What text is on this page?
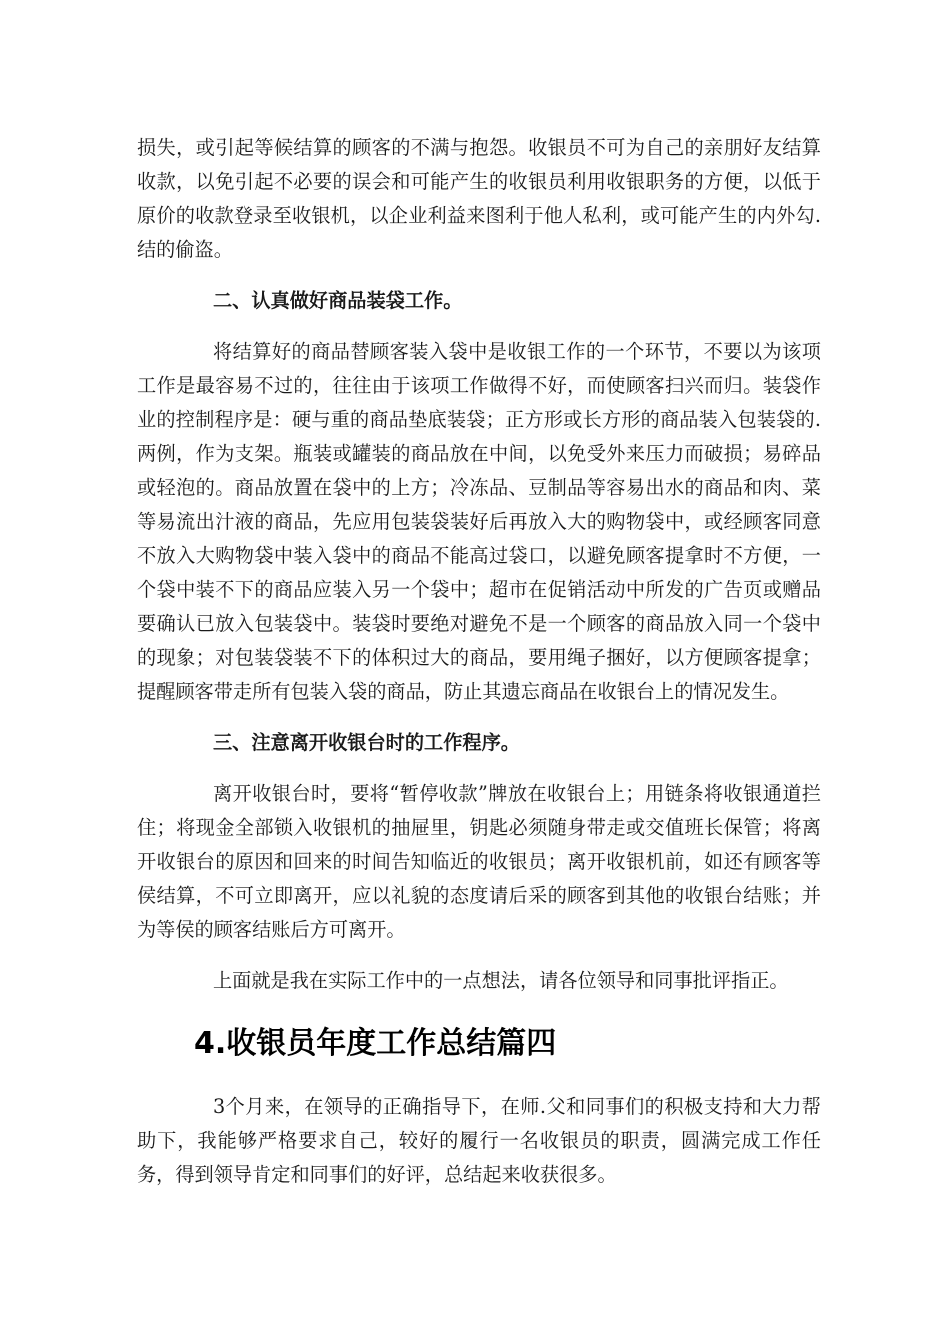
损失，或引起等候结算的顾客的不满与抱怨。收银员不可为自己的亲朋好友结算收款，以免引起不必要的误会和可能产生的收银员利用收银职务的方便，以低于原价的收款登录至收银机，以企业利益来图利于他人私利，或可能产生的内外勾.结的偷盗。

二、认真做好商品装袋工作。

将结算好的商品替顾客装入袋中是收银工作的一个环节，不要以为该项工作是最容易不过的，往往由于该项工作做得不好，而使顾客扫兴而归。装袋作业的控制程序是：硬与重的商品垫底装袋；正方形或长方形的商品装入包装袋的.两例，作为支架。瓶装或罐装的商品放在中间，以免受外来压力而破损；易碎品或轻泡的。商品放置在袋中的上方；冷冻品、豆制品等容易出水的商品和肉、菜等易流出汁液的商品，先应用包装袋装好后再放入大的购物袋中，或经顾客同意不放入大购物袋中装入袋中的商品不能高过袋口，以避免顾客提拿时不方便，一个袋中装不下的商品应装入另一个袋中；超市在促销活动中所发的广告页或赠品要确认已放入包装袋中。装袋时要绝对避免不是一个顾客的商品放入同一个袋中的现象；对包装袋装不下的体积过大的商品，要用绳子捆好，以方便顾客提拿；提醒顾客带走所有包装入袋的商品，防止其遗忘商品在收银台上的情况发生。

三、注意离开收银台时的工作程序。

离开收银台时，要将“暂停收款”牌放在收银台上；用链条将收银通道拦住；将现金全部锁入收银机的抽屉里，钥匙必须随身带走或交值班长保管；将离开收银台的原因和回来的时间告知临近的收银员；离开收银机前，如还有顾客等侯结算，不可立即离开，应以礼貌的态度请后采的顾客到其他的收银台结账；并为等侯的顾客结账后方可离开。

上面就是我在实际工作中的一点想法，请各位领导和同事批评指正。

4.收银员年度工作总结篇四

3个月来，在领导的正确指导下，在师.父和同事们的积极支持和大力帮助下，我能够严格要求自己，较好的履行一名收银员的职责，圆满完成工作任务，得到领导肯定和同事们的好评，总结起来收获很多。
